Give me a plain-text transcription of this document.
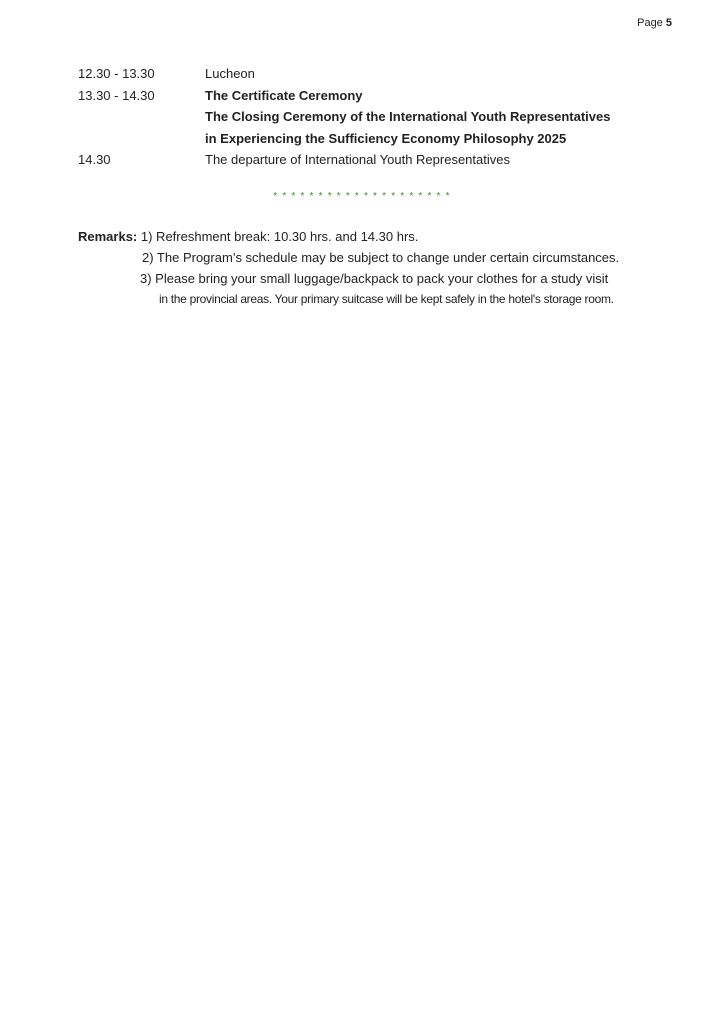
Page 5
12.30 - 13.30	Lucheon
13.30 - 14.30	The Certificate Ceremony
The Closing Ceremony of the International Youth Representatives
in Experiencing the Sufficiency Economy Philosophy 2025
14.30	The departure of International Youth Representatives
* * * * * * * * * * * * * * * * * * * *
Remarks: 1) Refreshment break: 10.30 hrs. and 14.30 hrs.
2) The Program’s schedule may be subject to change under certain circumstances.
3) Please bring your small luggage/backpack to pack your clothes for a study visit
in the provincial areas. Your primary suitcase will be kept safely in the hotel's storage room.
